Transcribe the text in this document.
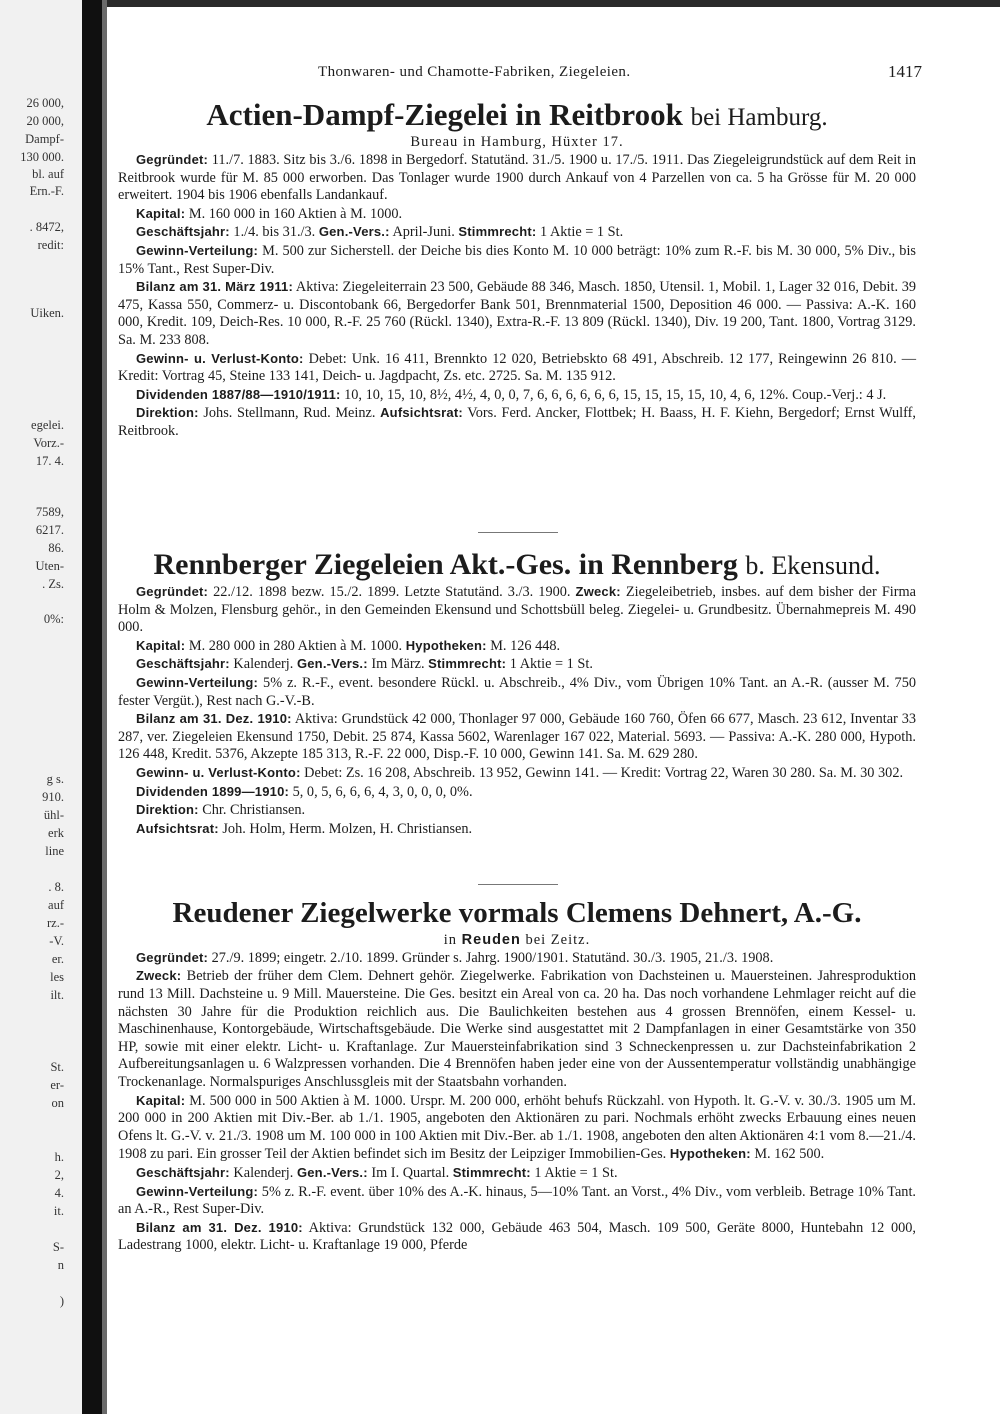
26 000,
20 000,
Dampf-
130 000.
bl. auf
Ern.-F.
. 8472,
redit:
Uiken.
egelei.
Vorz.-
17. 4.
7589,
6217.
86.
Uten-
. Zs.
0%:
g s.
910.
ühl-
erk
line
. 8.
auf
rz.-
-V.
er.
les
ilt.
St.
er-
on
h.
2,
4.
it.
S-
n
)
Thonwaren- und Chamotte-Fabriken, Ziegeleien.	1417
Actien-Dampf-Ziegelei in Reitbrook bei Hamburg.
Bureau in Hamburg, Hüxter 17.

Gegründet: 11./7. 1883. Sitz bis 3./6. 1898 in Bergedorf. Statutänd. 31./5. 1900 u. 17./5. 1911. Das Ziegeleigrundstück auf dem Reit in Reitbrook wurde für M. 85 000 erworben. Das Tonlager wurde 1900 durch Ankauf von 4 Parzellen von ca. 5 ha Grösse für M. 20 000 erweitert. 1904 bis 1906 ebenfalls Landankauf.

Kapital: M. 160 000 in 160 Aktien à M. 1000.

Geschäftsjahr: 1./4. bis 31./3. Gen.-Vers.: April-Juni. Stimmrecht: 1 Aktie = 1 St.

Gewinn-Verteilung: M. 500 zur Sicherstell. der Deiche bis dies Konto M. 10 000 beträgt: 10% zum R.-F. bis M. 30 000, 5% Div., bis 15% Tant., Rest Super-Div.

Bilanz am 31. März 1911: Aktiva: Ziegeleiterrain 23 500, Gebäude 88 346, Masch. 1850, Utensil. 1, Mobil. 1, Lager 32 016, Debit. 39 475, Kassa 550, Commerz- u. Discontobank 66, Bergedorfer Bank 501, Brennmaterial 1500, Deposition 46 000. — Passiva: A.-K. 160 000, Kredit. 109, Deich-Res. 10 000, R.-F. 25 760 (Rückl. 1340), Extra-R.-F. 13 809 (Rückl. 1340), Div. 19 200, Tant. 1800, Vortrag 3129. Sa. M. 233 808.

Gewinn- u. Verlust-Konto: Debet: Unk. 16 411, Brennkto 12 020, Betriebskto 68 491, Abschreib. 12 177, Reingewinn 26 810. — Kredit: Vortrag 45, Steine 133 141, Deich- u. Jagdpacht, Zs. etc. 2725. Sa. M. 135 912.

Dividenden 1887/88—1910/1911: 10, 10, 15, 10, 8½, 4½, 4, 0, 0, 7, 6, 6, 6, 6, 6, 6, 15, 15, 15, 15, 10, 4, 6, 12%. Coup.-Verj.: 4 J.

Direktion: Johs. Stellmann, Rud. Meinz. Aufsichtsrat: Vors. Ferd. Ancker, Flottbek; H. Baass, H. F. Kiehn, Bergedorf; Ernst Wulff, Reitbrook.

Rennberger Ziegeleien Akt.-Ges. in Rennberg b. Ekensund.

Gegründet: 22./12. 1898 bezw. 15./2. 1899. Letzte Statutänd. 3./3. 1900. Zweck: Ziegeleibetrieb, insbes. auf dem bisher der Firma Holm & Molzen, Flensburg gehör., in den Gemeinden Ekensund und Schottsbüll beleg. Ziegelei- u. Grundbesitz. Übernahmepreis M. 490 000.

Kapital: M. 280 000 in 280 Aktien à M. 1000. Hypotheken: M. 126 448.

Geschäftsjahr: Kalenderj. Gen.-Vers.: Im März. Stimmrecht: 1 Aktie = 1 St.

Gewinn-Verteilung: 5% z. R.-F., event. besondere Rückl. u. Abschreib., 4% Div., vom Übrigen 10% Tant. an A.-R. (ausser M. 750 fester Vergüt.), Rest nach G.-V.-B.

Bilanz am 31. Dez. 1910: Aktiva: Grundstück 42 000, Thonlager 97 000, Gebäude 160 760, Öfen 66 677, Masch. 23 612, Inventar 33 287, ver. Ziegeleien Ekensund 1750, Debit. 25 874, Kassa 5602, Warenlager 167 022, Material. 5693. — Passiva: A.-K. 280 000, Hypoth. 126 448, Kredit. 5376, Akzepte 185 313, R.-F. 22 000, Disp.-F. 10 000, Gewinn 141. Sa. M. 629 280.

Gewinn- u. Verlust-Konto: Debet: Zs. 16 208, Abschreib. 13 952, Gewinn 141. — Kredit: Vortrag 22, Waren 30 280. Sa. M. 30 302.

Dividenden 1899—1910: 5, 0, 5, 6, 6, 6, 4, 3, 0, 0, 0, 0%.

Direktion: Chr. Christiansen.

Aufsichtsrat: Joh. Holm, Herm. Molzen, H. Christiansen.

Reudener Ziegelwerke vormals Clemens Dehnert, A.-G.
in Reuden bei Zeitz.

Gegründet: 27./9. 1899; eingetr. 2./10. 1899. Gründer s. Jahrg. 1900/1901. Statutänd. 30./3. 1905, 21./3. 1908.

Zweck: Betrieb der früher dem Clem. Dehnert gehör. Ziegelwerke. Fabrikation von Dachsteinen u. Mauersteinen. Jahresproduktion rund 13 Mill. Dachsteine u. 9 Mill. Mauersteine. Die Ges. besitzt ein Areal von ca. 20 ha. Das noch vorhandene Lehmlager reicht auf die nächsten 30 Jahre für die Produktion reichlich aus. Die Baulichkeiten bestehen aus 4 grossen Brennöfen, einem Kessel- u. Maschinenhause, Kontorgebäude, Wirtschaftsgebäude. Die Werke sind ausgestattet mit 2 Dampfanlagen in einer Gesamtstärke von 350 HP, sowie mit einer elektr. Licht- u. Kraftanlage. Zur Mauersteinfabrikation sind 3 Schneckenpressen u. zur Dachsteinfabrikation 2 Aufbereitungsanlagen u. 6 Walzpressen vorhanden. Die 4 Brennöfen haben jeder eine von der Aussentemperatur vollständig unabhängige Trockenanlage. Normalspuriges Anschlussgleis mit der Staatsbahn vorhanden.

Kapital: M. 500 000 in 500 Aktien à M. 1000. Urspr. M. 200 000, erhöht behufs Rückzahl. von Hypoth. lt. G.-V. v. 30./3. 1905 um M. 200 000 in 200 Aktien mit Div.-Ber. ab 1./1. 1905, angeboten den Aktionären zu pari. Nochmals erhöht zwecks Erbauung eines neuen Ofens lt. G.-V. v. 21./3. 1908 um M. 100 000 in 100 Aktien mit Div.-Ber. ab 1./1. 1908, angeboten den alten Aktionären 4:1 vom 8.—21./4. 1908 zu pari. Ein grosser Teil der Aktien befindet sich im Besitz der Leipziger Immobilien-Ges. Hypotheken: M. 162 500.

Geschäftsjahr: Kalenderj. Gen.-Vers.: Im I. Quartal. Stimmrecht: 1 Aktie = 1 St.

Gewinn-Verteilung: 5% z. R.-F. event. über 10% des A.-K. hinaus, 5—10% Tant. an Vorst., 4% Div., vom verbleib. Betrage 10% Tant. an A.-R., Rest Super-Div.

Bilanz am 31. Dez. 1910: Aktiva: Grundstück 132 000, Gebäude 463 504, Masch. 109 500, Geräte 8000, Huntebahn 12 000, Ladestrang 1000, elektr. Licht- u. Kraftanlage 19 000, Pferde
